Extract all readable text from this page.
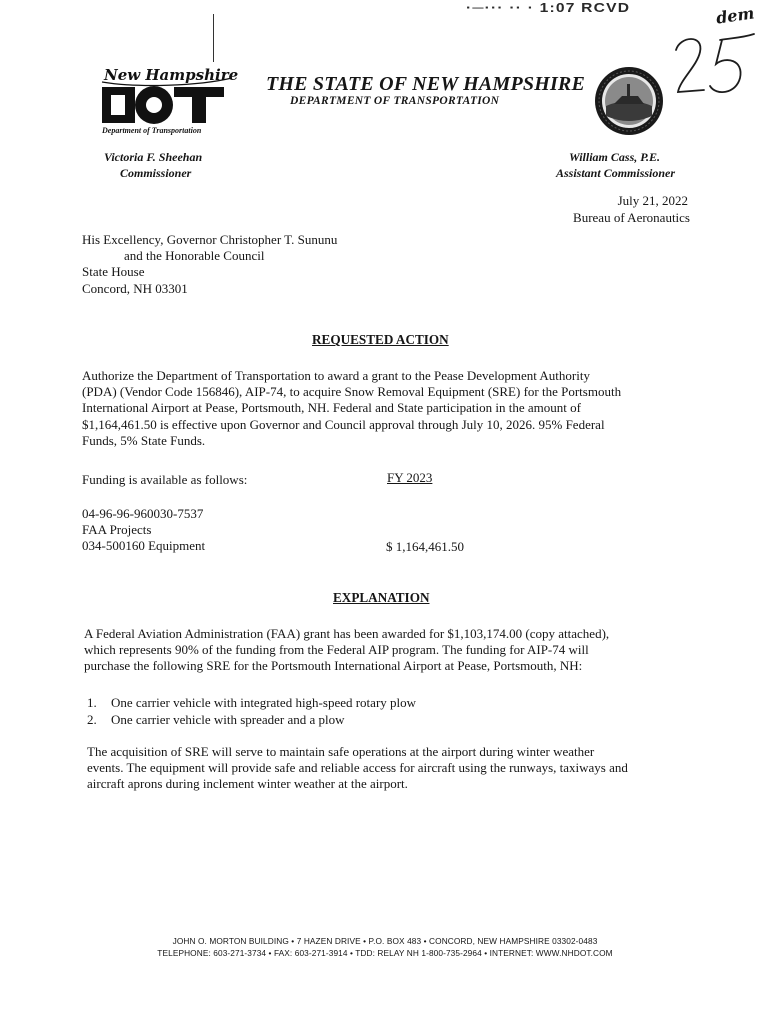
·─··· ·· · 1:07 RCVD	dem
New Hampshire
Department of Transportation
THE STATE OF NEW HAMPSHIRE
DEPARTMENT OF TRANSPORTATION
Victoria F. Sheehan
Commissioner
William Cass, P.E.
Assistant Commissioner
July 21, 2022
Bureau of Aeronautics
His Excellency, Governor Christopher T. Sununu
and the Honorable Council
State House
Concord, NH 03301
REQUESTED ACTION
Authorize the Department of Transportation to award a grant to the Pease Development Authority
(PDA) (Vendor Code 156846), AIP-74, to acquire Snow Removal Equipment (SRE) for the Portsmouth
International Airport at Pease, Portsmouth, NH. Federal and State participation in the amount of
$1,164,461.50 is effective upon Governor and Council approval through July 10, 2026. 95% Federal
Funds, 5% State Funds.
Funding is available as follows:	FY 2023
04-96-96-960030-7537
FAA Projects
034-500160 Equipment	$ 1,164,461.50
EXPLANATION
A Federal Aviation Administration (FAA) grant has been awarded for $1,103,174.00 (copy attached),
which represents 90% of the funding from the Federal AIP program. The funding for AIP-74 will
purchase the following SRE for the Portsmouth International Airport at Pease, Portsmouth, NH:
1. One carrier vehicle with integrated high-speed rotary plow
2. One carrier vehicle with spreader and a plow
The acquisition of SRE will serve to maintain safe operations at the airport during winter weather
events. The equipment will provide safe and reliable access for aircraft using the runways, taxiways and
aircraft aprons during inclement winter weather at the airport.
JOHN O. MORTON BUILDING • 7 HAZEN DRIVE • P.O. BOX 483 • CONCORD, NEW HAMPSHIRE 03302-0483
TELEPHONE: 603-271-3734 • FAX: 603-271-3914 • TDD: RELAY NH 1-800-735-2964 • INTERNET: WWW.NHDOT.COM
